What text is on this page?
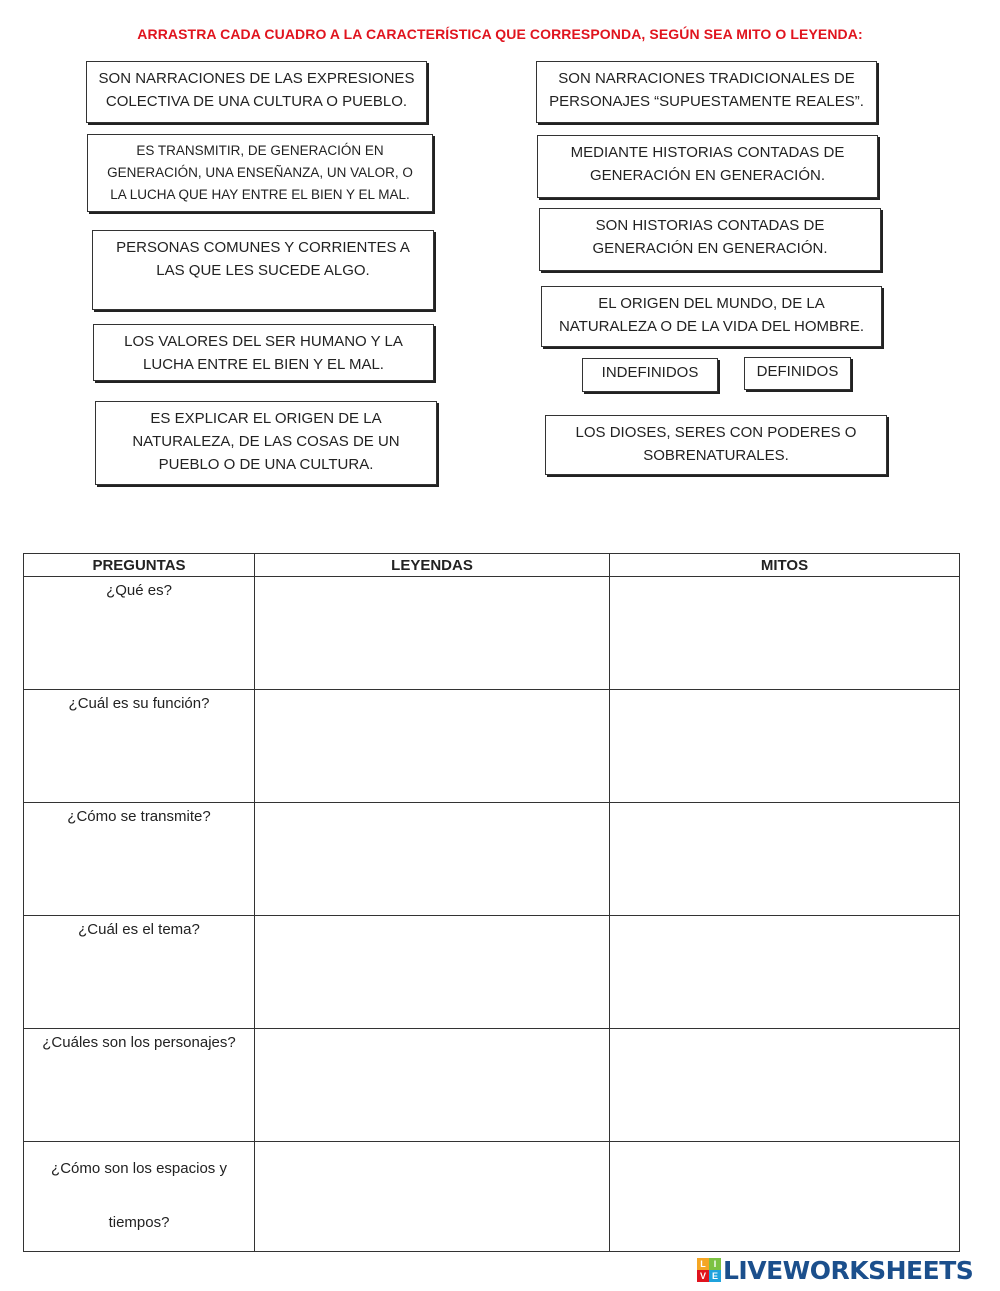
ARRASTRA CADA CUADRO A LA CARACTERÍSTICA QUE CORRESPONDA, SEGÚN SEA MITO O LEYENDA:
SON NARRACIONES DE LAS EXPRESIONES COLECTIVA DE UNA CULTURA O PUEBLO.
ES TRANSMITIR, DE GENERACIÓN EN GENERACIÓN, UNA ENSEÑANZA, UN VALOR, O LA LUCHA QUE HAY ENTRE EL BIEN Y EL MAL.
PERSONAS COMUNES Y CORRIENTES A LAS QUE LES SUCEDE ALGO.
LOS VALORES DEL SER HUMANO Y LA LUCHA ENTRE EL BIEN Y EL MAL.
ES EXPLICAR EL ORIGEN DE LA NATURALEZA, DE LAS COSAS DE UN PUEBLO O DE UNA CULTURA.
SON NARRACIONES TRADICIONALES DE PERSONAJES “SUPUESTAMENTE REALES”.
MEDIANTE HISTORIAS CONTADAS DE GENERACIÓN EN GENERACIÓN.
SON HISTORIAS CONTADAS DE GENERACIÓN EN GENERACIÓN.
EL ORIGEN DEL MUNDO, DE LA NATURALEZA O DE LA VIDA DEL HOMBRE.
INDEFINIDOS	DEFINIDOS
LOS DIOSES, SERES CON PODERES O SOBRENATURALES.
PREGUNTAS	LEYENDAS	MITOS
¿Qué es?		
¿Cuál es su función?		
¿Cómo se transmite?		
¿Cuál es el tema?		
¿Cuáles son los personajes?		

¿Cómo son los espacios y
tiempos?		

L I
V E LIVEWORKSHEETS
